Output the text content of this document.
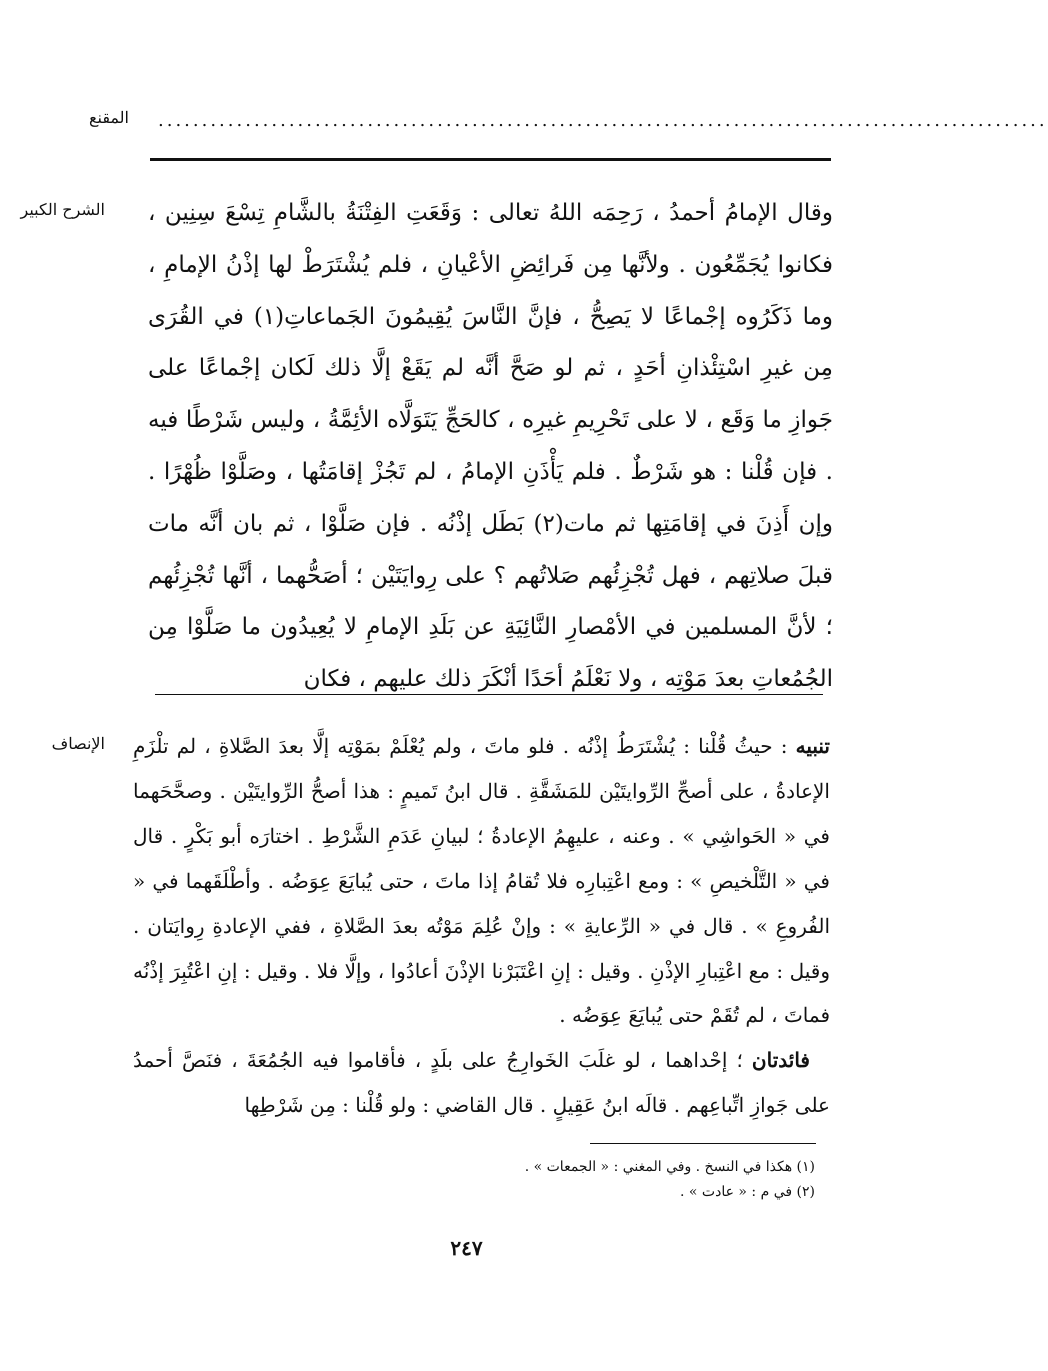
المقنع ......................................................................................................
الشرح الكبير وقال الإمامُ أحمدُ ، رَحِمَه اللهُ تعالى : وَقَعَتِ الفِتْنَةُ بالشَّامِ تِسْعَ سِنِين ، فكانوا يُجَمِّعُون . ولأنَّها مِن فَرائِضِ الأعْيانِ ، فلم يُشْتَرَطْ لها إذْنُ الإمامِ ، وما ذَكَرُوه إجْماعًا لا يَصِحُّ ، فإنَّ النَّاسَ يُقِيمُونَ الجَماعاتِ(١) في القُرَى مِن غيرِ اسْتِئْذانِ أحَدٍ ، ثم لو صَحَّ أنَّه لم يَقَعْ إلَّا ذلك لَكان إجْماعًا على جَوازِ ما وَقَع ، لا على تَحْرِيمِ غيرِه ، كالحَجِّ يَتَوَلَّاه الأئِمَّةُ ، وليس شَرْطًا فيه . فإن قُلْنا : هو شَرْطٌ . فلم يَأْذَنِ الإمامُ ، لم تَجُزْ إقامَتُها ، وصَلَّوْا ظُهْرًا . وإن أَذِنَ في إقامَتِها ثم مات(٢) بَطَل إذْنُه . فإن صَلَّوْا ، ثم بان أنَّه مات قبلَ صلاتِهم ، فهل تُجْزِئُهم صَلاتُهم ؟ على رِوايَتَيْن ؛ أصَحُّهما ، أنَّها تُجْزِئُهم ؛ لأنَّ المسلمين في الأمْصارِ النَّائِيَةِ عن بَلَدِ الإمامِ لا يُعِيدُون ما صَلَّوْا مِن الجُمُعاتِ بعدَ مَوْتِه ، ولا نَعْلَمُ أحَدًا أنْكَرَ ذلك عليهم ، فكان

الإنصاف	تنبيه : حيثُ قُلْنا : يُشْتَرَطُ إذْنُه . فلو ماتَ ، ولم يُعْلَمْ بمَوْتِه إلَّا بعدَ الصَّلاةِ ، لم تلْزَمِ الإعادةُ ، على أصحِّ الرِّوايتَيْن للمَشَقَّةِ . قال ابنُ تَميمٍ : هذا أصحُّ الرِّوايتَيْن . وصحَّحَهما في « الحَواشِي » . وعنه ، عليهِمُ الإعادةُ ؛ لبيانِ عَدَمِ الشَّرْطِ . اختارَه أبو بَكْرٍ . قال في « التَّلْخيصِ » : ومع اعْتِبارِه فلا تُقامُ إذا ماتَ ، حتى يُبايَعَ عِوَضُه . وأطْلَقَهما في « الفُروعِ » . قال في « الرِّعايةِ » : وإنْ عُلِمَ مَوْتُه بعدَ الصَّلاةِ ، ففي الإعادةِ رِوايَتان . وقيل : مع اعْتِبارِ الإذْنِ . وقيل : إنِ اعْتَبَرْنا الإذْنَ أعادُوا ، وإلَّا فلا . وقيل : إنِ اعْتُبِرَ إذْنُه فماتَ ، لم تُقَمْ حتى يُبايَعَ عِوَضُه .

 فائدتان ؛ إحْداهما ، لو غلَبَ الخَوارِجُ على بلَدٍ ، فأقاموا فيه الجُمُعَةَ ، فنَصَّ أحمدُ على جَوازِ اتِّباعِهم . قالَه ابنُ عَقِيلٍ . قال القاضي : ولو قُلْنا : مِن شَرْطِها

(١) هكذا في النسخ . وفي المغني : « الجمعات » .
(٢) في م : « عادت » .
٢٤٧
